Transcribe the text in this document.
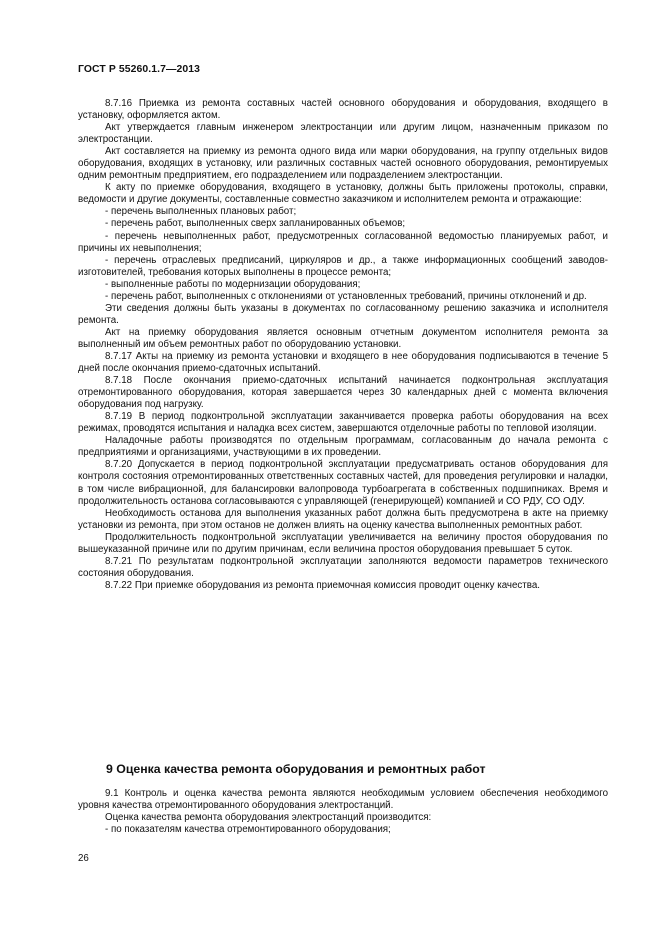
ГОСТ Р 55260.1.7—2013

8.7.16 Приемка из ремонта составных частей основного оборудования и оборудования, входящего в установку, оформляется актом.

Акт утверждается главным инженером электростанции или другим лицом, назначенным приказом по электростанции.

Акт составляется на приемку из ремонта одного вида или марки оборудования, на группу отдельных видов оборудования, входящих в установку, или различных составных частей основного оборудования, ремонтируемых одним ремонтным предприятием, его подразделением или подразделением электростанции.

К акту по приемке оборудования, входящего в установку, должны быть приложены протоколы, справки, ведомости и другие документы, составленные совместно заказчиком и исполнителем ремонта и отражающие:

- перечень выполненных плановых работ;

- перечень работ, выполненных сверх запланированных объемов;

- перечень невыполненных работ, предусмотренных согласованной ведомостью планируемых работ, и причины их невыполнения;

- перечень отраслевых предписаний, циркуляров и др., а также информационных сообщений заводов-изготовителей, требования которых выполнены в процессе ремонта;

- выполненные работы по модернизации оборудования;

- перечень работ, выполненных с отклонениями от установленных требований, причины отклонений и др.

Эти сведения должны быть указаны в документах по согласованному решению заказчика и исполнителя ремонта.

Акт на приемку оборудования является основным отчетным документом исполнителя ремонта за выполненный им объем ремонтных работ по оборудованию установки.

8.7.17 Акты на приемку из ремонта установки и входящего в нее оборудования подписываются в течение 5 дней после окончания приемо-сдаточных испытаний.

8.7.18 После окончания приемо-сдаточных испытаний начинается подконтрольная эксплуатация отремонтированного оборудования, которая завершается через 30 календарных дней с момента включения оборудования под нагрузку.

8.7.19 В период подконтрольной эксплуатации заканчивается проверка работы оборудования на всех режимах, проводятся испытания и наладка всех систем, завершаются отделочные работы по тепловой изоляции.

Наладочные работы производятся по отдельным программам, согласованным до начала ремонта с предприятиями и организациями, участвующими в их проведении.

8.7.20 Допускается в период подконтрольной эксплуатации предусматривать останов оборудования для контроля состояния отремонтированных ответственных составных частей, для проведения регулировки и наладки, в том числе вибрационной, для балансировки валопровода турбоагрегата в собственных подшипниках. Время и продолжительность останова согласовываются с управляющей (генерирующей) компанией и СО РДУ, СО ОДУ.

Необходимость останова для выполнения указанных работ должна быть предусмотрена в акте на приемку установки из ремонта, при этом останов не должен влиять на оценку качества выполненных ремонтных работ.

Продолжительность подконтрольной эксплуатации увеличивается на величину простоя оборудования по вышеуказанной причине или по другим причинам, если величина простоя оборудования превышает 5 суток.

8.7.21 По результатам подконтрольной эксплуатации заполняются ведомости параметров технического состояния оборудования.

8.7.22 При приемке оборудования из ремонта приемочная комиссия проводит оценку качества.

9 Оценка качества ремонта оборудования и ремонтных работ

9.1 Контроль и оценка качества ремонта являются необходимым условием обеспечения необходимого уровня качества отремонтированного оборудования электростанций.

Оценка качества ремонта оборудования электростанций производится:

- по показателям качества отремонтированного оборудования;

26
